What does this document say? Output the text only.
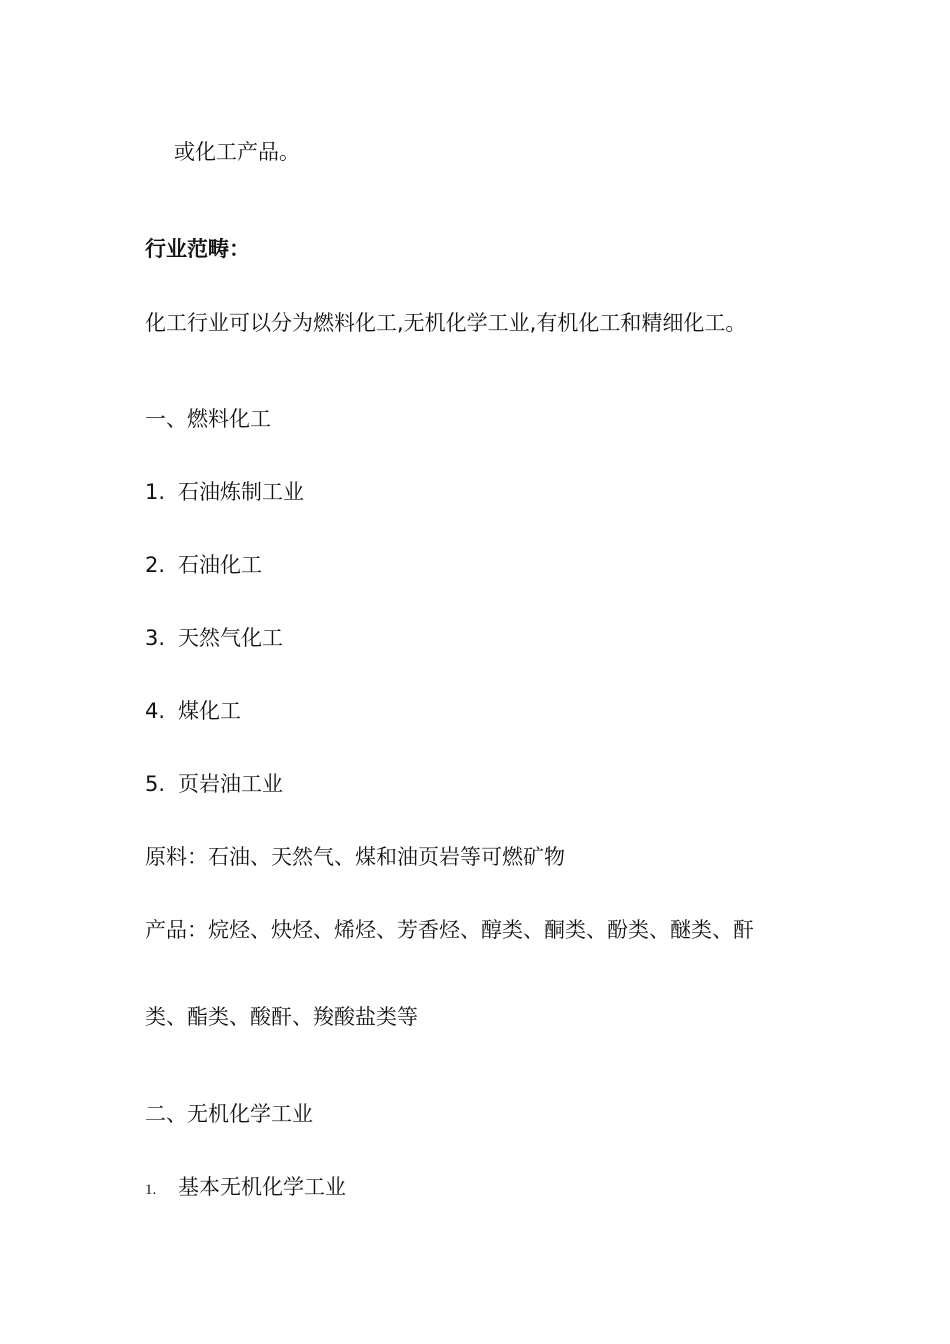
或化工产品。

行业范畴：

化工行业可以分为燃料化工,无机化学工业,有机化工和精细化工。

一、燃料化工

1. 石油炼制工业

2. 石油化工

3. 天然气化工

4. 煤化工

5. 页岩油工业

原料：石油、天然气、煤和油页岩等可燃矿物

产品：烷烃、炔烃、烯烃、芳香烃、醇类、酮类、酚类、醚类、酐

类、酯类、酸酐、羧酸盐类等

二、无机化学工业

1. 基本无机化学工业
